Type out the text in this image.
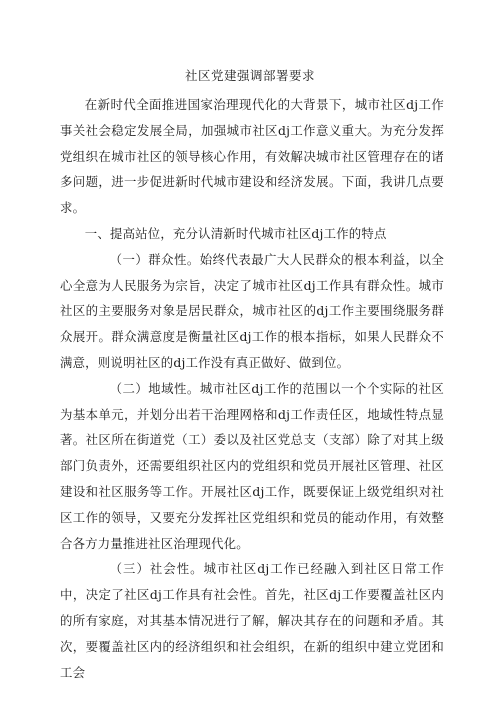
社区党建强调部署要求

在新时代全面推进国家治理现代化的大背景下，城市社区dj工作事关社会稳定发展全局，加强城市社区dj工作意义重大。为充分发挥党组织在城市社区的领导核心作用，有效解决城市社区管理存在的诸多问题，进一步促进新时代城市建设和经济发展。下面，我讲几点要求。

一、提高站位，充分认清新时代城市社区dj工作的特点

（一）群众性。始终代表最广大人民群众的根本利益，以全心全意为人民服务为宗旨，决定了城市社区dj工作具有群众性。城市社区的主要服务对象是居民群众，城市社区的dj工作主要围绕服务群众展开。群众满意度是衡量社区dj工作的根本指标，如果人民群众不满意，则说明社区的dj工作没有真正做好、做到位。

（二）地域性。城市社区dj工作的范围以一个个实际的社区为基本单元，并划分出若干治理网格和dj工作责任区，地域性特点显著。社区所在街道党（工）委以及社区党总支（支部）除了对其上级部门负责外，还需要组织社区内的党组织和党员开展社区管理、社区建设和社区服务等工作。开展社区dj工作，既要保证上级党组织对社区工作的领导，又要充分发挥社区党组织和党员的能动作用，有效整合各方力量推进社区治理现代化。

（三）社会性。城市社区dj工作已经融入到社区日常工作中，决定了社区dj工作具有社会性。首先，社区dj工作要覆盖社区内的所有家庭，对其基本情况进行了解，解决其存在的问题和矛盾。其次，要覆盖社区内的经济组织和社会组织，在新的组织中建立党团和工会
